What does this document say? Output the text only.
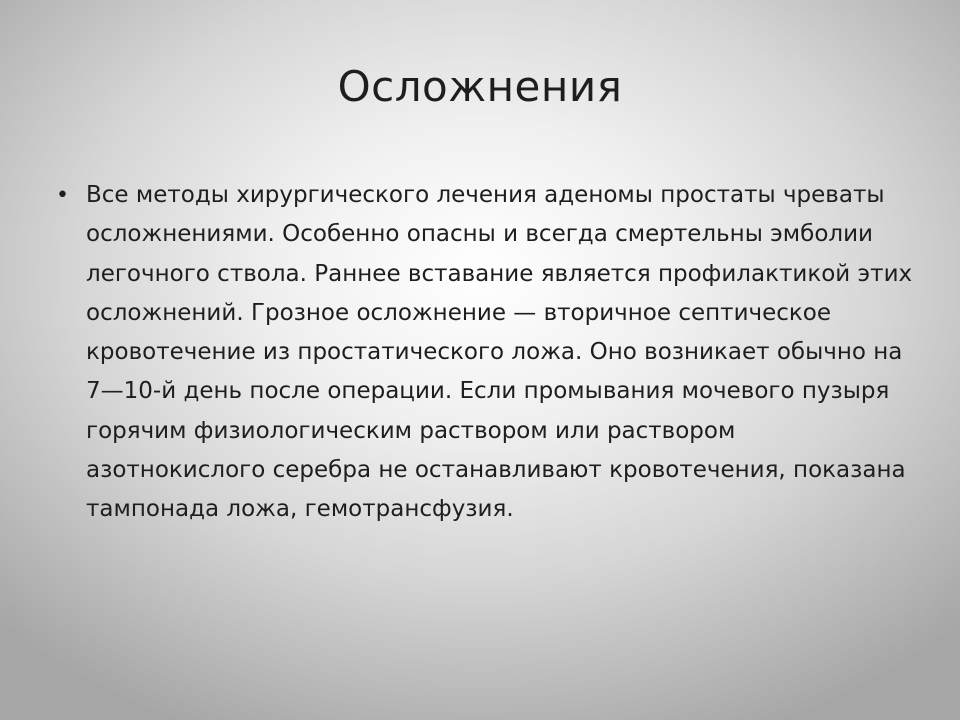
Осложнения
• Все методы хирургического лечения аденомы простаты чреваты осложнениями. Особенно опасны и всегда смертельны эмболии легочного ствола. Раннее вставание является профилактикой этих осложнений. Грозное осложнение — вторичное септическое кровотечение из простатического ложа. Оно возникает обычно на 7—10-й день после операции. Если промывания мочевого пузыря горячим физиологическим раствором или раствором азотнокислого серебра не останавливают кровотечения, показана тампонада ложа, гемотрансфузия.
